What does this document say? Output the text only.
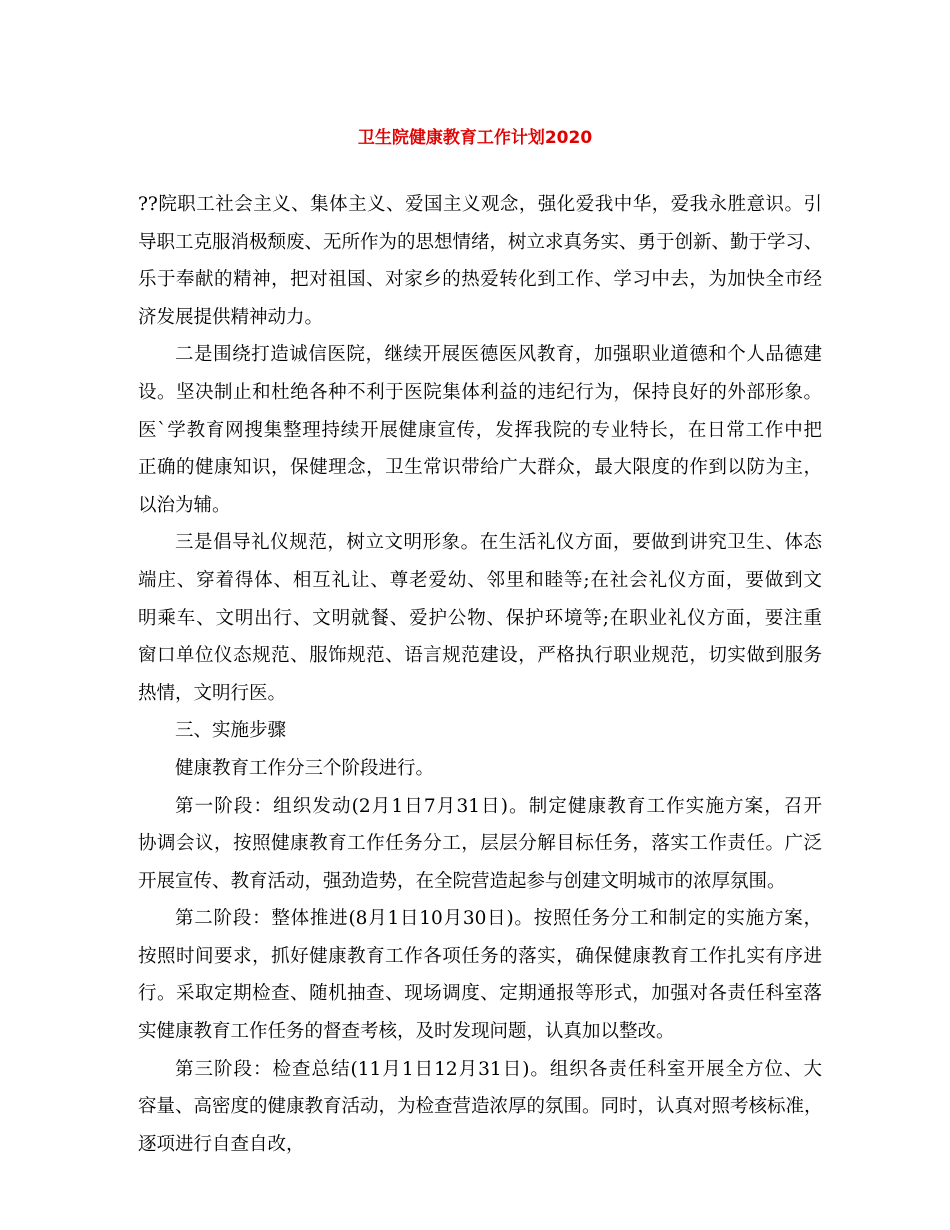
卫生院健康教育工作计划2020
??院职工社会主义、集体主义、爱国主义观念，强化爱我中华，爱我永胜意识。引
导职工克服消极颓废、无所作为的思想情绪，树立求真务实、勇于创新、勤于学习、
乐于奉献的精神，把对祖国、对家乡的热爱转化到工作、学习中去，为加快全市经
济发展提供精神动力。
二是围绕打造诚信医院，继续开展医德医风教育，加强职业道德和个人品德建
设。坚决制止和杜绝各种不利于医院集体利益的违纪行为，保持良好的外部形象。
医`学教育网搜集整理持续开展健康宣传，发挥我院的专业特长，在日常工作中把
正确的健康知识，保健理念，卫生常识带给广大群众，最大限度的作到以防为主，
以治为辅。
三是倡导礼仪规范，树立文明形象。在生活礼仪方面，要做到讲究卫生、体态
端庄、穿着得体、相互礼让、尊老爱幼、邻里和睦等;在社会礼仪方面，要做到文
明乘车、文明出行、文明就餐、爱护公物、保护环境等;在职业礼仪方面，要注重
窗口单位仪态规范、服饰规范、语言规范建设，严格执行职业规范，切实做到服务
热情，文明行医。
三、实施步骤
健康教育工作分三个阶段进行。
第一阶段：组织发动(2月1日7月31日)。制定健康教育工作实施方案，召开
协调会议，按照健康教育工作任务分工，层层分解目标任务，落实工作责任。广泛
开展宣传、教育活动，强劲造势，在全院营造起参与创建文明城市的浓厚氛围。
第二阶段：整体推进(8月1日10月30日)。按照任务分工和制定的实施方案，
按照时间要求，抓好健康教育工作各项任务的落实，确保健康教育工作扎实有序进
行。采取定期检查、随机抽查、现场调度、定期通报等形式，加强对各责任科室落
实健康教育工作任务的督查考核，及时发现问题，认真加以整改。
第三阶段：检查总结(11月1日12月31日)。组织各责任科室开展全方位、大
容量、高密度的健康教育活动，为检查营造浓厚的氛围。同时，认真对照考核标准，
逐项进行自查自改，
